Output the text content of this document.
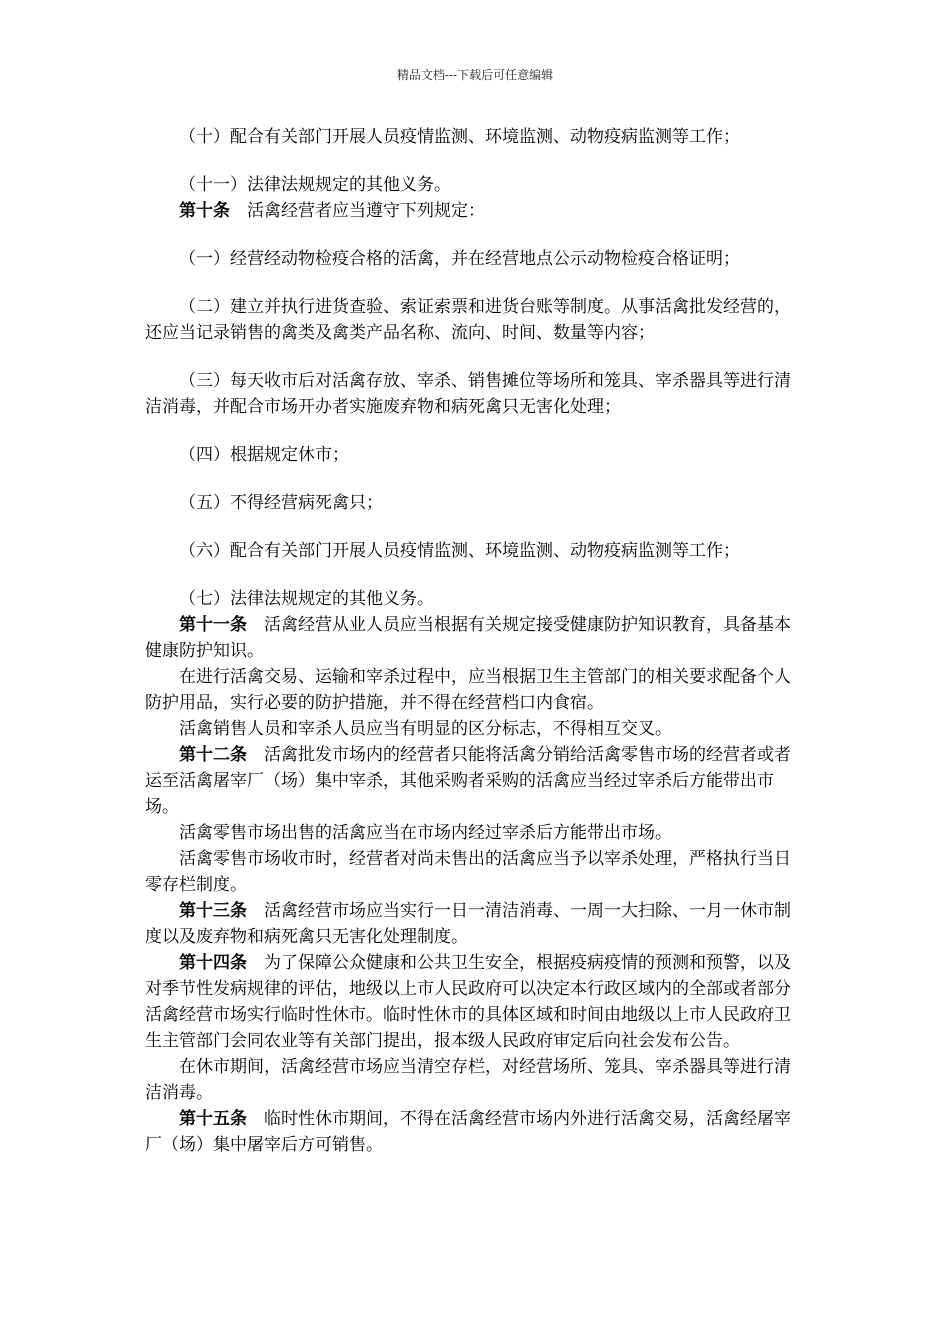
精品文档---下载后可任意编辑

（十）配合有关部门开展人员疫情监测、环境监测、动物疫病监测等工作；

（十一）法律法规规定的其他义务。

第十条　 活禽经营者应当遵守下列规定：

（一）经营经动物检疫合格的活禽，并在经营地点公示动物检疫合格证明；

（二）建立并执行进货查验、索证索票和进货台账等制度。从事活禽批发经营的，还应当记录销售的禽类及禽类产品名称、流向、时间、数量等内容；

（三）每天收市后对活禽存放、宰杀、销售摊位等场所和笼具、宰杀器具等进行清洁消毒，并配合市场开办者实施废弃物和病死禽只无害化处理；

（四）根据规定休市；

（五）不得经营病死禽只；

（六）配合有关部门开展人员疫情监测、环境监测、动物疫病监测等工作；

（七）法律法规规定的其他义务。

第十一条　 活禽经营从业人员应当根据有关规定接受健康防护知识教育，具备基本健康防护知识。

在进行活禽交易、运输和宰杀过程中，应当根据卫生主管部门的相关要求配备个人防护用品，实行必要的防护措施，并不得在经营档口内食宿。

活禽销售人员和宰杀人员应当有明显的区分标志，不得相互交叉。

第十二条　 活禽批发市场内的经营者只能将活禽分销给活禽零售市场的经营者或者运至活禽屠宰厂（场）集中宰杀，其他采购者采购的活禽应当经过宰杀后方能带出市场。

活禽零售市场出售的活禽应当在市场内经过宰杀后方能带出市场。

活禽零售市场收市时，经营者对尚未售出的活禽应当予以宰杀处理，严格执行当日零存栏制度。

第十三条　 活禽经营市场应当实行一日一清洁消毒、一周一大扫除、一月一休市制度以及废弃物和病死禽只无害化处理制度。

第十四条　 为了保障公众健康和公共卫生安全，根据疫病疫情的预测和预警，以及对季节性发病规律的评估，地级以上市人民政府可以决定本行政区域内的全部或者部分活禽经营市场实行临时性休市。临时性休市的具体区域和时间由地级以上市人民政府卫生主管部门会同农业等有关部门提出，报本级人民政府审定后向社会发布公告。

在休市期间，活禽经营市场应当清空存栏，对经营场所、笼具、宰杀器具等进行清洁消毒。

第十五条　 临时性休市期间，不得在活禽经营市场内外进行活禽交易，活禽经屠宰厂（场）集中屠宰后方可销售。
